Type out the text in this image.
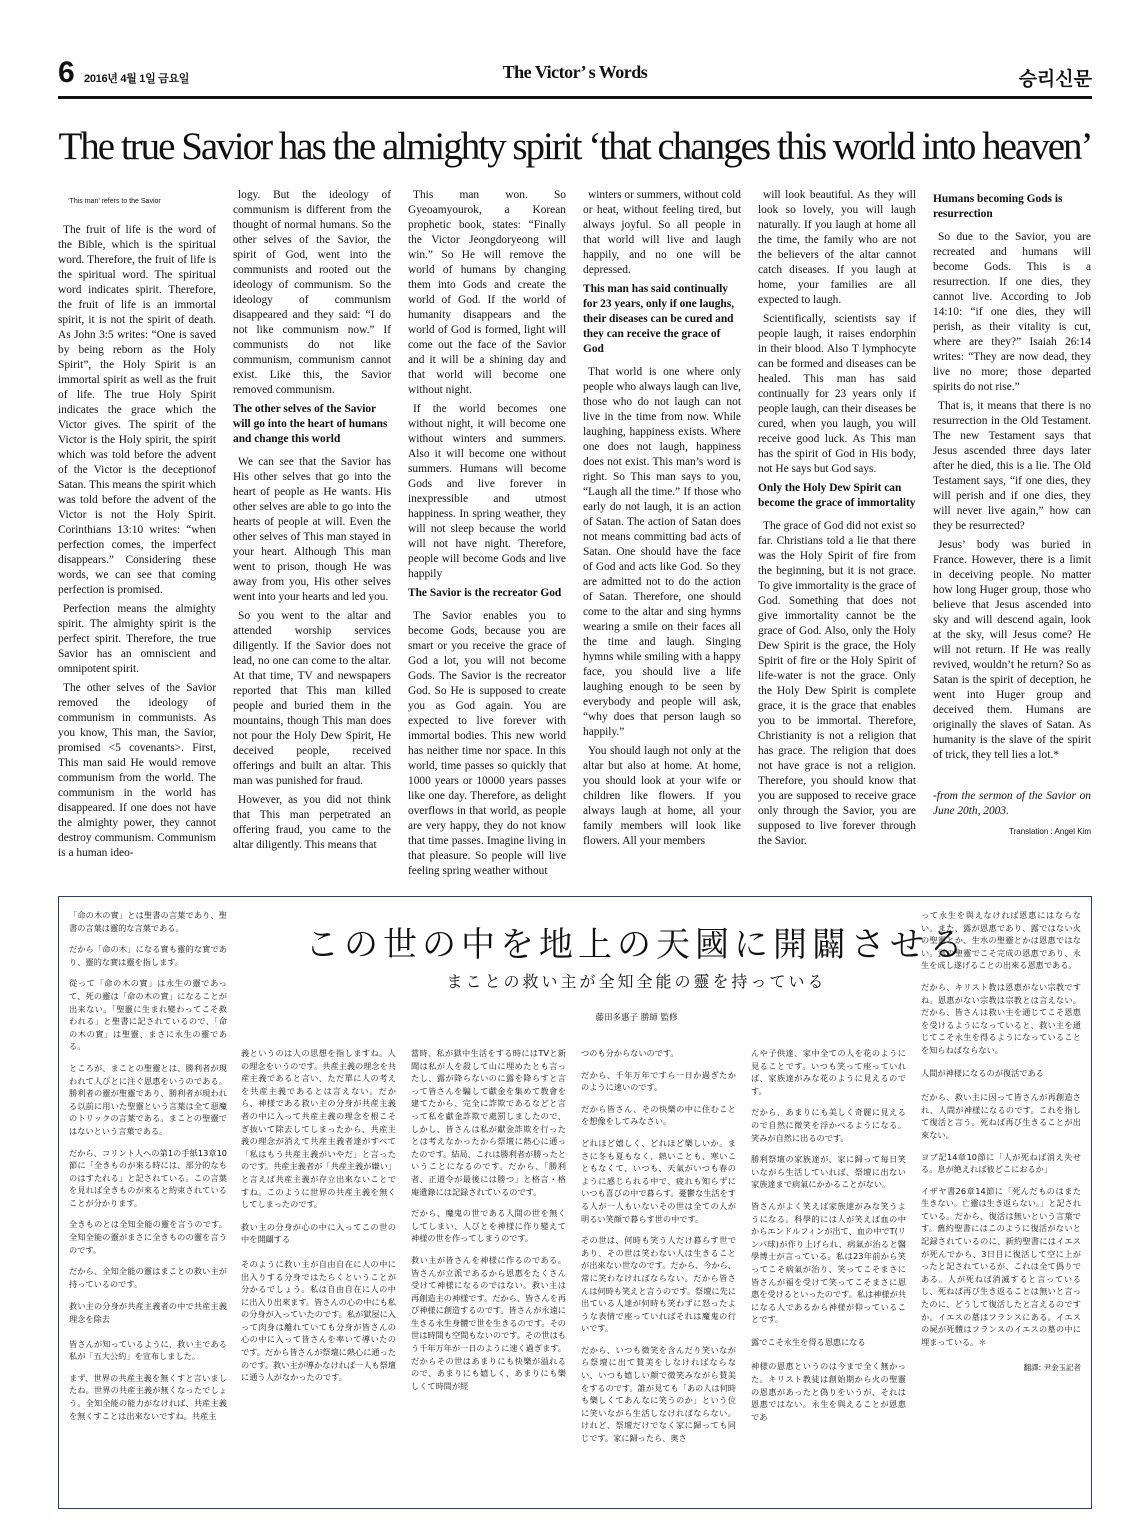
6 2016년 4월 1일 금요일	The Victor’ s Words	승리신문
The true Savior has the almighty spirit ‘that changes this world into heaven’
‘This man’ refers to the Savior

The fruit of life is the word of the Bible, which is the spiritual word. Therefore, the fruit of life is the spiritual word. The spiritual word indicates spirit. Therefore, the fruit of life is an immortal spirit, it is not the spirit of death. As John 3:5 writes: “One is saved by being reborn as the Holy Spirit”, the Holy Spirit is an immortal spirit as well as the fruit of life. The true Holy Spirit indicates the grace which the Victor gives. The spirit of the Victor is the Holy spirit, the spirit which was told before the advent of the Victor is the deceptionof Satan. This means the spirit which was told before the advent of the Victor is not the Holy Spirit. Corinthians 13:10 writes: “when perfection comes, the imperfect disappears.” Considering these words, we can see that coming perfection is promised.

Perfection means the almighty spirit. The almighty spirit is the perfect spirit. Therefore, the true Savior has an omniscient and omnipotent spirit.

The other selves of the Savior removed the ideology of communism in communists. As you know, This man, the Savior, promised <5 covenants>. First, This man said He would remove communism from the world. The communism in the world has disappeared. If one does not have the almighty power, they cannot destroy communism. Communism is a human ideo-

logy. But the ideology of communism is different from the thought of normal humans. So the other selves of the Savior, the spirit of God, went into the communists and rooted out the ideology of communism. So the ideology of communism disappeared and they said: “I do not like communism now.” If communists do not like communism, communism cannot exist. Like this, the Savior removed communism.

The other selves of the Savior will go into the heart of humans and change this world

We can see that the Savior has His other selves that go into the heart of people as He wants. His other selves are able to go into the hearts of people at will. Even the other selves of This man stayed in your heart. Although This man went to prison, though He was away from you, His other selves went into your hearts and led you.

So you went to the altar and attended worship services diligently. If the Savior does not lead, no one can come to the altar. At that time, TV and newspapers reported that This man killed people and buried them in the mountains, though This man does not pour the Holy Dew Spirit, He deceived people, received offerings and built an altar. This man was punished for fraud.

However, as you did not think that This man perpetrated an offering fraud, you came to the altar diligently. This means that

This man won. So Gyeoamyourok, a Korean prophetic book, states: “Finally the Victor Jeongdoryeong will win.” So He will remove the world of humans by changing them into Gods and create the world of God. If the world of humanity disappears and the world of God is formed, light will come out the face of the Savior and it will be a shining day and that world will become one without night.

If the world becomes one without night, it will become one without winters and summers. Also it will become one without summers. Humans will become Gods and live forever in inexpressible and utmost happiness. In spring weather, they will not sleep because the world will not have night. Therefore, people will become Gods and live happily

The Savior is the recreator God

The Savior enables you to become Gods, because you are smart or you receive the grace of God a lot, you will not become Gods. The Savior is the recreator God. So He is supposed to create you as God again. You are expected to live forever with immortal bodies. This new world has neither time nor space. In this world, time passes so quickly that 1000 years or 10000 years passes like one day. Therefore, as delight overflows in that world, as people are very happy, they do not know that time passes. Imagine living in that pleasure. So people will live feeling spring weather without

winters or summers, without cold or heat, without feeling tired, but always joyful. So all people in that world will live and laugh happily, and no one will be depressed.

This man has said continually for 23 years, only if one laughs, their diseases can be cured and they can receive the grace of God

That world is one where only people who always laugh can live, those who do not laugh can not live in the time from now. While laughing, happiness exists. Where one does not laugh, happiness does not exist. This man’s word is right. So This man says to you, “Laugh all the time.” If those who early do not laugh, it is an action of Satan. The action of Satan does not means committing bad acts of Satan. One should have the face of God and acts like God. So they are admitted not to do the action of Satan. Therefore, one should come to the altar and sing hymns wearing a smile on their faces all the time and laugh. Singing hymns while smiling with a happy face, you should live a life laughing enough to be seen by everybody and people will ask, “why does that person laugh so happily.”

You should laugh not only at the altar but also at home. At home, you should look at your wife or children like flowers. If you always laugh at home, all your family members will look like flowers. All your members

will look beautiful. As they will look so lovely, you will laugh naturally. If you laugh at home all the time, the family who are not the believers of the altar cannot catch diseases. If you laugh at home, your families are all expected to laugh.

Scientifically, scientists say if people laugh, it raises endorphin in their blood. Also T lymphocyte can be formed and diseases can be healed. This man has said continually for 23 years only if people laugh, can their diseases be cured, when you laugh, you will receive good luck. As This man has the spirit of God in His body, not He says but God says.

Only the Holy Dew Spirit can become the grace of immortality

The grace of God did not exist so far. Christians told a lie that there was the Holy Spirit of fire from the beginning, but it is not grace. To give immortality is the grace of God. Something that does not give immortality cannot be the grace of God. Also, only the Holy Dew Spirit is the grace, the Holy Spirit of fire or the Holy Spirit of life-water is not the grace. Only the Holy Dew Spirit is complete grace, it is the grace that enables you to be immortal. Therefore, Christianity is not a religion that has grace. The religion that does not have grace is not a religion. Therefore, you should know that you are supposed to receive grace only through the Savior, you are supposed to live forever through the Savior.

Humans becoming Gods is resurrection

So due to the Savior, you are recreated and humans will become Gods. This is a resurrection. If one dies, they cannot live. According to Job 14:10: “if one dies, they will perish, as their vitality is cut, where are they?” Isaiah 26:14 writes: “They are now dead, they live no more; those departed spirits do not rise.”

That is, it means that there is no resurrection in the Old Testament. The new Testament says that Jesus ascended three days later after he died, this is a lie. The Old Testament says, “if one dies, they will perish and if one dies, they will never live again,” how can they be resurrected?

Jesus’ body was buried in France. However, there is a limit in deceiving people. No matter how long Huger group, those who believe that Jesus ascended into sky and will descend again, look at the sky, will Jesus come? He will not return. If He was really revived, wouldn’t he return? So as Satan is the spirit of deception, he went into Huger group and deceived them. Humans are originally the slaves of Satan. As humanity is the slave of the spirit of trick, they tell lies a lot.*

-from the sermon of the Savior on June 20th, 2003.

Translation : Angel Kim
この世の中を地上の天國に開闢させる
まことの救い主が全知全能の靈を持っている
藤田多惠子 勝師 監修

「命の木の實」とは聖書の言葉であり、聖書の言葉は靈的な言葉である。

だから「命の木」になる實も靈的な實であり、靈的な實は靈を指します。

從って「命の木の實」は永生の靈であって、死の靈は「命の木の實」になることが出来ない。「聖靈に生まれ變わってこそ救われる」と聖書に記されているので、「命の木の實」は聖靈、まさに永生の靈である。

ところが、まことの聖靈とは、勝利者が現われて人びとに注ぐ恩惠をいうのである。勝利者の靈が聖靈であり、勝利者が現われる以前に用いた聖靈という言葉は全て惡魔のトリックの言葉である。まことの聖靈ではないという言葉である。

だから、コリント人への第1の手紙13章10節に「全きものが來る時には、部分的なものはすたれる」と記されている。この言葉を見れば全きものが來ると約束されていることが分かります。

全きものとは全知全能の靈を言うのです。全知全能の靈がまさに全きものの靈を言うのです。

だから、全知全能の靈はまことの救い主が持っているのです。

救い主の分身が共産主義者の中で共産主義理念を除去

皆さんが知っているように、救い主である私が「五大公約」を宣布しました。

まず、世界の共産主義を無くすと言いましたね。世界の共産主義が無くなったでしょう。全知全能の能力がなければ、共産主義を無くすことは出來ないですね。共産主

義というのは人の思想を指しますね。人の理念をいうのです。共産主義の理念を共産主義であると言い、ただ單に人の考えを共産主義であるとは言えない。だから、神様である救い主の分身が共産主義者の中に入って共産主義の理念を根こそぎ抜いて除去してしまったから、共産主義の理念が消えて共産主義者達がすべて「私はもう共産主義がいやだ」と言ったのです。共産主義者が「共産主義が嫌い」と言えば共産主義が存立出來ないことですね。このように世界の共産主義を無くしてしまったのです。

救い主の分身が心の中に入ってこの世の中を開闢する

そのように救い主が自由自在に人の中に出入りする分身ではたらくということが分かるでしょう。私は自由自在に人の中に出入り出來ます。皆さんの心の中にも私の分身が入っていたのです。私が獄屋に入って肉身は離れていても分身が皆さんの心の中に入って皆さんを率いて導いたのです。だから皆さんが祭壇に熱心に通ったのです。救い主が導かなければ一人も祭壇に通う人がなかったのです。

當時、私が獄中生活をする時にはTVと新聞は私が人を殺して山に埋めたとも言ったし、露が降らないのに露を降らすと言って皆さんを騙して獻金を集めて教會を建てたから、完全に詐欺であるなどと言って私を獻金詐欺で處罰しましたので、しかし、皆さんは私が獻金詐欺を行ったとは考えなかったから祭壇に熱心に通ったのです。結局、これは勝利者が勝ったということになるのです。だから、「勝利者、正道令が最後には勝つ」と格言・格庵遺錄には記録されているのです。

だから、魔鬼の世である人間の世を無くしてしまい、人びとを神様に作り變えて神様の世を作ってしまうのです。

救い主が皆さんを神様に作るのである。皆さんが立派であるから恩惠をたくさん受けて神様になるのではない。救い主は再創造主の神様です。だから、皆さんを再び神様に創造するのです。皆さんが永遠に生きる永生身體で世を生きるのです。その世は時間も空間もないのです。その世はもう千年万年が一日のように速く過ぎます。だからその世はあまりにも快樂が溢れるので、あまりにも嬉しく、あまりにも樂しくて時間が經

つのも分からないのです。

だから、千年万年ですら一日か過ぎたかのように速いのです。

だから皆さん、その快樂の中に住むことを想像をしてみなさい。

どれほど嬉しく、どれほど樂しいか。まさに冬も夏もなく、熱いことも、寒いこともなくて、いつも、天氣がいつも春のように感じられる中で、疲れも知らずにいつも喜びの中で暮らす。憂鬱な生活をする人が一人もいないその世は全ての人が明るい笑顔で暮らす世の中です。

その世は、何時も笑う人だけ暮らす世であり、その世は笑わない人は生きることが出來ない世なのです。だから、今から、常に笑わなければならない。だから皆さんは何時も笑えと言うのです。祭壇に先に出ている人達が何時も笑わずに怒ったような表情で座っていればそれは魔鬼の行いです。

だから、いつも微笑を含んだり笑いながら祭壇に出て賛美をしなければならない、いつも嬉しい顔で微笑みながら賛美をするのです。誰が見ても「あの人は何時も樂しくてあんなに笑うのか」という位に笑いながら生活しなければならない。けれど、祭壇だけでなく家に歸っても同じです。家に歸ったら、奥さ

んや子供達、家中全ての人を花のように見ることです。いつも笑って座っていれば、家族達がみな花のように見えるのです。

だから、あまりにも美しく奇麗に見えるので自然に微笑を浮かべるようになる。笑みが自然に出るのです。

勝利祭壇の家族達が、家に歸って毎日笑いながら生活していれば、祭壇に出ない家族達まで病氣にかかることがない。

皆さんがよく笑えば家族達がみな笑うようになる。科學的には人が笑えば血の中からエンドルフィンが出て、血の中でT(リンパ球)が作り上げられ、病氣が治ると醫學博士が言っている。私は23年前から笑ってこそ病氣が治り、笑ってこそまさに皆さんが福を受けて笑ってこそまさに恩惠を受けるといったのです。私は神様が共になる人であるから神様が仰っていることです。

露でこそ永生を得る恩惠になる

神様の恩惠というのは今まで全く無かった。キリスト教徒は創始期から火の聖靈の恩惠があったと偽りをいうが、それは恩惠ではない。永生を與えることが恩惠であ

って永生を與えなければ恩惠にはならない。また、露が恩惠であり、露ではない火の聖靈とか、生水の聖靈とかは恩惠ではない。露の聖靈でこそ完成の恩惠であり、永生を成し遂げることの出來る恩惠である。

だから、キリスト教は恩惠がない宗教ですね。恩惠がない宗教は宗教とは言えない。だから、皆さんは救い主を通じてこそ恩惠を受けるようになっていると、救い主を通じてこそ永生を得るようになっていることを知らねばならない。

人間が神様になるのが復活である

だから、救い主に因って皆さんが再創造され、人間が神様になるのです。これを指して復活と言う。死ねば再び生きることが出來ない。

ヨブ記14章10節に「人が死ねば消え失せる。息が絶えれば彼どこにおるか」

イザヤ書26章14節に「死んだものはまた生きない。亡靈は生き返らない。」と記されている。だから、復活は無いという言葉です。舊約聖書にはこのように復活がないと記録されているのに、新約聖書にはイエスが死んでから、3日目に復活して空に上がったと記されているが、これは全て僞りである。人が死ねば消滅すると言っているし、死ねば再び生き返ることは無いと言ったのに、どうして復活したと言えるのですか。イエスの墓はフランスにある。イエスの屍が死體はフランスのイエスの墓の中に埋まっている。＊

翻譯: 尹金玉記者
